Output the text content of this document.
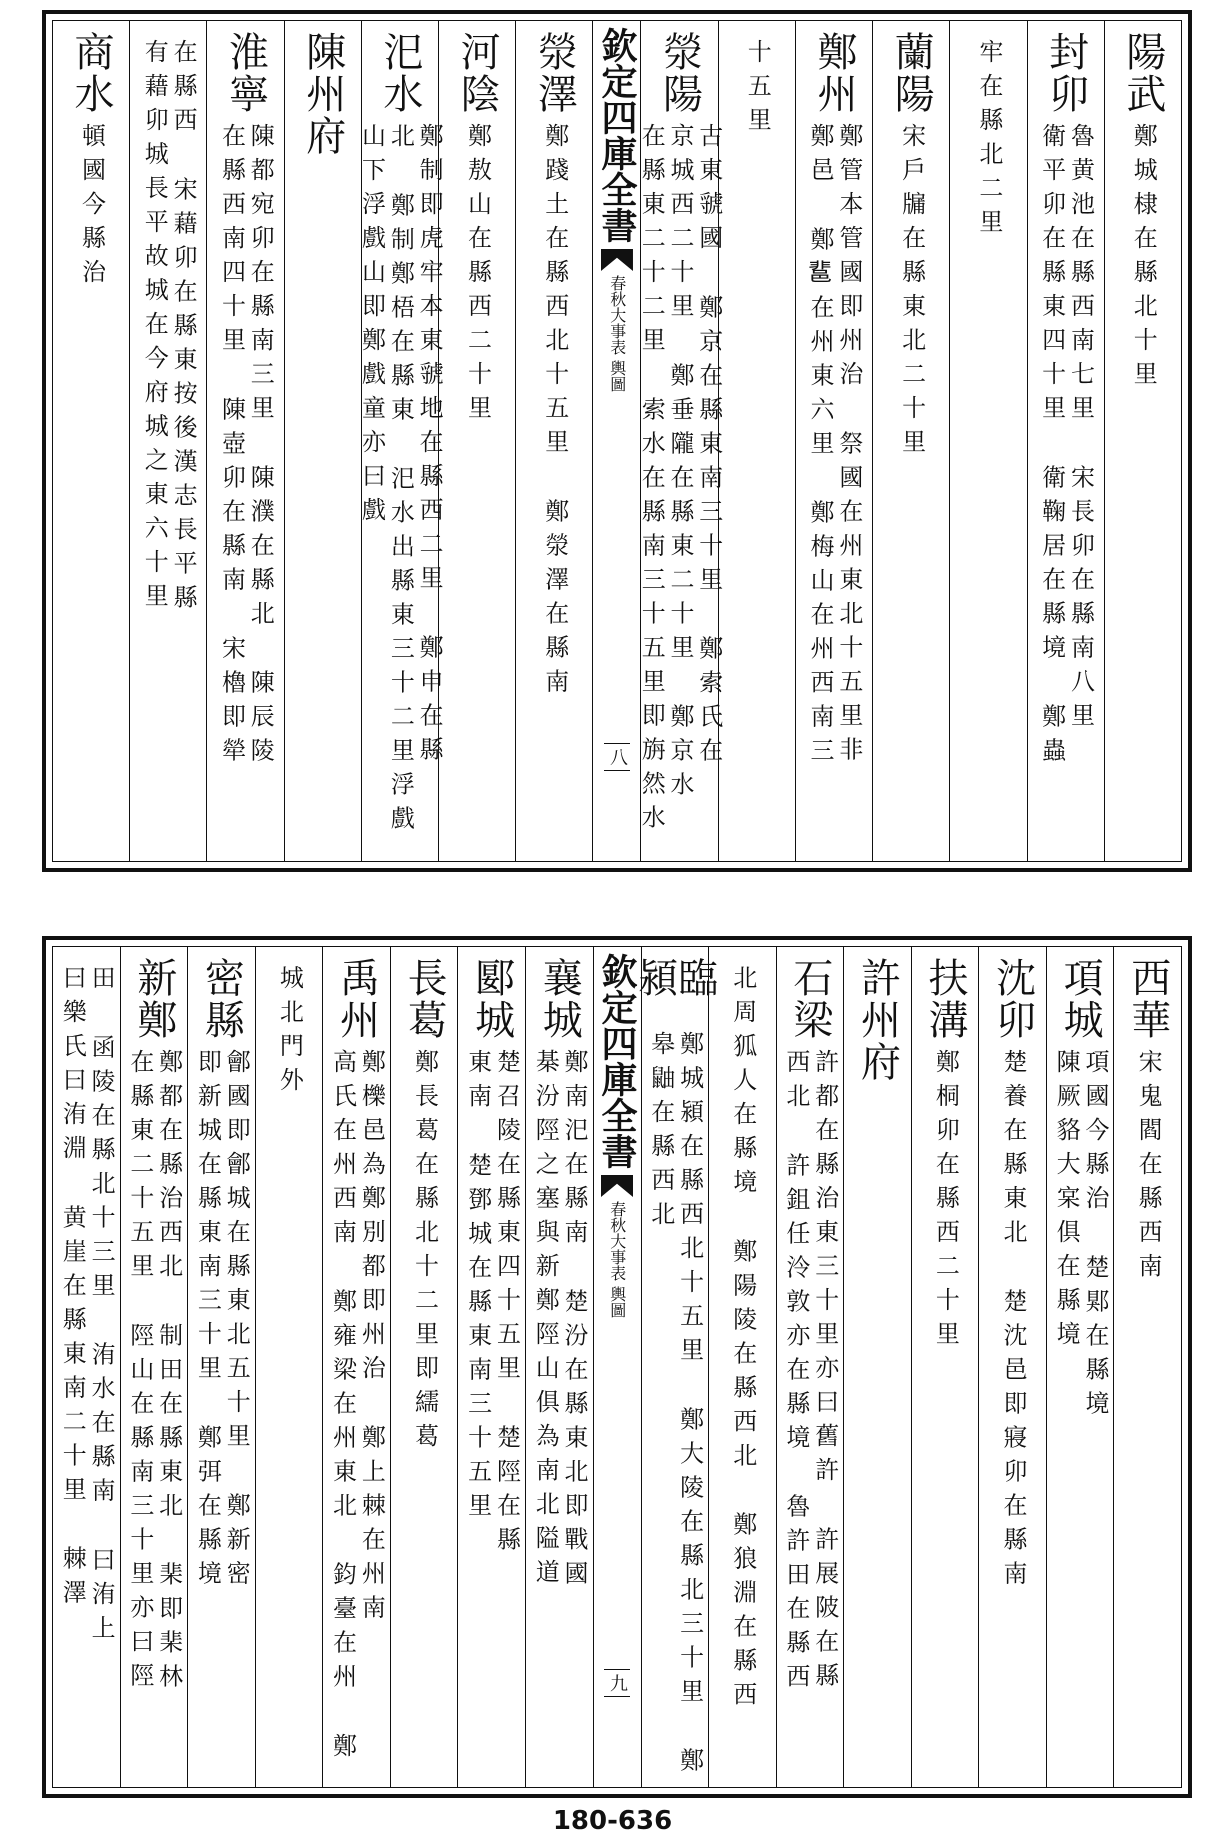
陽武
鄭城棣在縣北十里
封卯
魯黄池在縣西南七里  宋長卯在縣南八里
衛平卯在縣東四十里  衛鞠居在縣境  鄭蟲
牢在縣北二里
蘭陽
宋戶牖在縣東北二十里
鄭州
鄭管本管國即州治  祭國在州東北十五里非
鄭邑  鄭𨛬在州東六里  鄭梅山在州西南三
十五里
滎陽
古東虢國  鄭京在縣東南三十里  鄭索氏在
京城西二十里  鄭垂隴在縣東二十里  鄭京水
在縣東二十二里  索水在縣南三十五里即旃然水
欽定四庫全書
春秋大事表 輿圖
八
滎澤
鄭踐土在縣西北十五里  鄭滎澤在縣南
河陰
鄭敖山在縣西二十里
汜水
鄭制即虎牢本東虢地在縣西二里  鄭申在縣
北  鄭制鄭梧在縣東  汜水出縣東三十二里浮戲
山下浮戲山即鄭戲童亦曰戲
陳州府
淮寧
陳都宛卯在縣南三里  陳濮在縣北  陳辰陵
在縣西南四十里  陳壺卯在縣南  宋櫓即犖
在縣西  宋藉卯在縣東按後漢志長平縣
有藉卯城長平故城在今府城之東六十里
商水
頓國今縣治
西華
宋鬼閻在縣西南
項城
項國今縣治  楚郹在縣境
陳厥貉大宲俱在縣境
沈卯
楚養在縣東北  楚沈邑即寢卯在縣南
扶溝
鄭桐卯在縣西二十里
許州府
石梁
許都在縣治東三十里亦曰舊許  許展陂在縣
西北  許鉏任泠敦亦在縣境  魯許田在縣西
北周狐人在縣境  鄭陽陵在縣西北  鄭狼淵在縣西
臨潁
鄭城潁在縣西北十五里  鄭大陵在縣北三十里  鄭皋鼬在縣西北
欽定四庫全書
春秋大事表 輿圖
九
襄城
鄭南汜在縣南  楚汾在縣東北即戰國
棊汾陘之塞與新鄭陘山俱為南北隘道
郾城
楚召陵在縣東四十五里  楚陘在縣
東南  楚鄧城在縣東南三十五里
長葛
鄭長葛在縣北十二里即繻葛
禹州
鄭櫟邑為鄭別都即州治  鄭上棘在州南
高氏在州西南  鄭雍梁在州東北  鈞臺在州  鄭
城北門外
密縣
鄶國即鄶城在縣東北五十里  鄭新密
即新城在縣東南三十里  鄭弭在縣境
新鄭
鄭都在縣治西北  制田在縣東北  棐即棐林
在縣東二十五里  陘山在縣南三十里亦曰陘
田  函陵在縣北十三里  洧水在縣南  曰洧上
曰樂氏曰洧淵  黄崖在縣東南二十里  棘澤
180-636
